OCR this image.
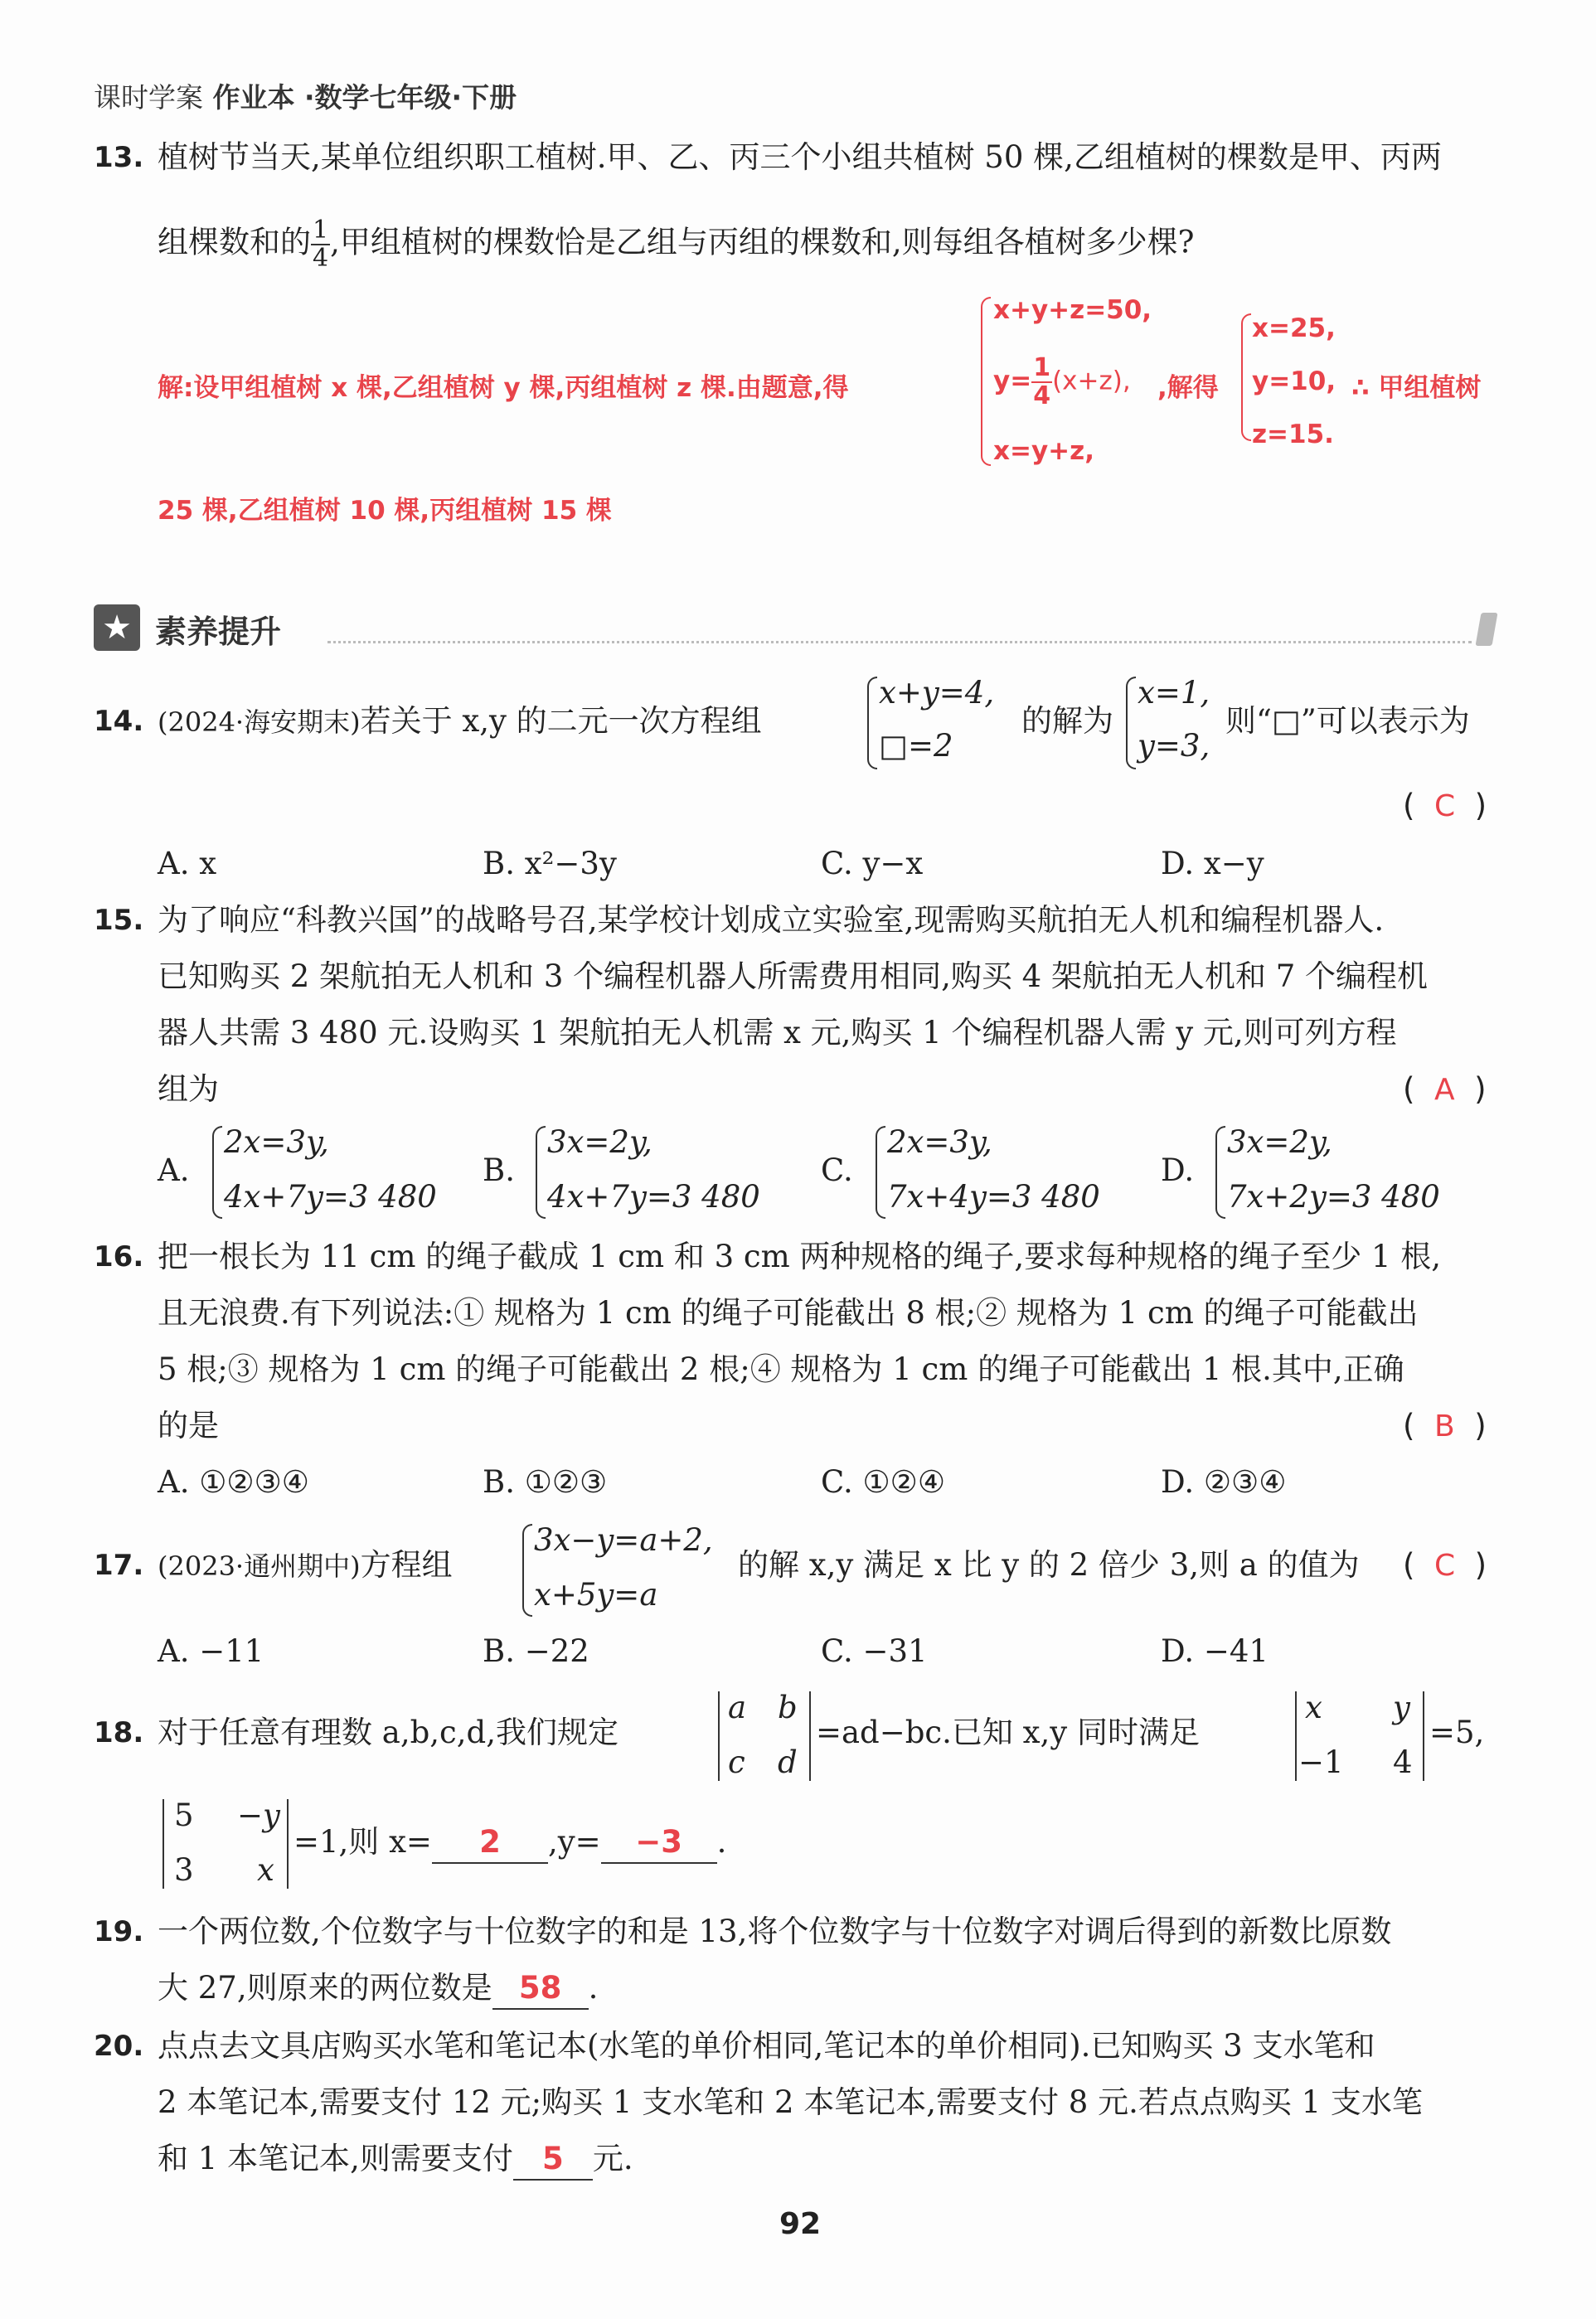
课时学案 作业本 ·数学七年级·下册
13. 植树节当天,某单位组织职工植树.甲、乙、丙三个小组共植树 50 棵,乙组植树的棵数是甲、丙两
组棵数和的 $\frac{1}{4}$ ,甲组植树的棵数恰是乙组与丙组的棵数和,则每组各植树多少棵?
解:设甲组植树 x 棵,乙组植树 y 棵,丙组植树 z 棵.由题意,得
x+y+z=50,
$y= \frac{1}{4} (x+z)$,
x=y+z,
,解得
x=25,
y=10,
z=15.
∴ 甲组植树
25 棵,乙组植树 10 棵,丙组植树 15 棵
★ 素养提升
14. (2024·海安期末)若关于 x,y 的二元一次方程组
x+y=4,
□=2
的解为
x=1,
y=3,
则“□”可以表示为
(  C  )
A. x	B. x²−3y	C. y−x	D. x−y
15. 为了响应“科教兴国”的战略号召,某学校计划成立实验室,现需购买航拍无人机和编程机器人.
已知购买 2 架航拍无人机和 3 个编程机器人所需费用相同,购买 4 架航拍无人机和 7 个编程机
器人共需 3 480 元.设购买 1 架航拍无人机需 x 元,购买 1 个编程机器人需 y 元,则可列方程
组为	(  A  )
A.
2x=3y,
4x+7y=3 480
B.
3x=2y,
4x+7y=3 480
C.
2x=3y,
7x+4y=3 480
D.
3x=2y,
7x+2y=3 480
16. 把一根长为 11 cm 的绳子截成 1 cm 和 3 cm 两种规格的绳子,要求每种规格的绳子至少 1 根,
且无浪费.有下列说法:① 规格为 1 cm 的绳子可能截出 8 根;② 规格为 1 cm 的绳子可能截出
5 根;③ 规格为 1 cm 的绳子可能截出 2 根;④ 规格为 1 cm 的绳子可能截出 1 根.其中,正确
的是	(  B  )
A. ①②③④	B. ①②③	C. ①②④	D. ②③④
17. (2023·通州期中)方程组
3x−y=a+2,
x+5y=a
的解 x,y 满足 x 比 y 的 2 倍少 3,则 a 的值为 (  C  )
A. −11	B. −22	C. −31	D. −41
18. 对于任意有理数 a,b,c,d,我们规定
a b
c d
=ad−bc.已知 x,y 同时满足
x y
−1 4
=5,
5 −y
3 x
=1,则 x= 2 ,y= −3 .
19. 一个两位数,个位数字与十位数字的和是 13,将个位数字与十位数字对调后得到的新数比原数
大 27,则原来的两位数是 58 .
20. 点点去文具店购买水笔和笔记本(水笔的单价相同,笔记本的单价相同).已知购买 3 支水笔和
2 本笔记本,需要支付 12 元;购买 1 支水笔和 2 本笔记本,需要支付 8 元.若点点购买 1 支水笔
和 1 本笔记本,则需要支付 5 元.
92
